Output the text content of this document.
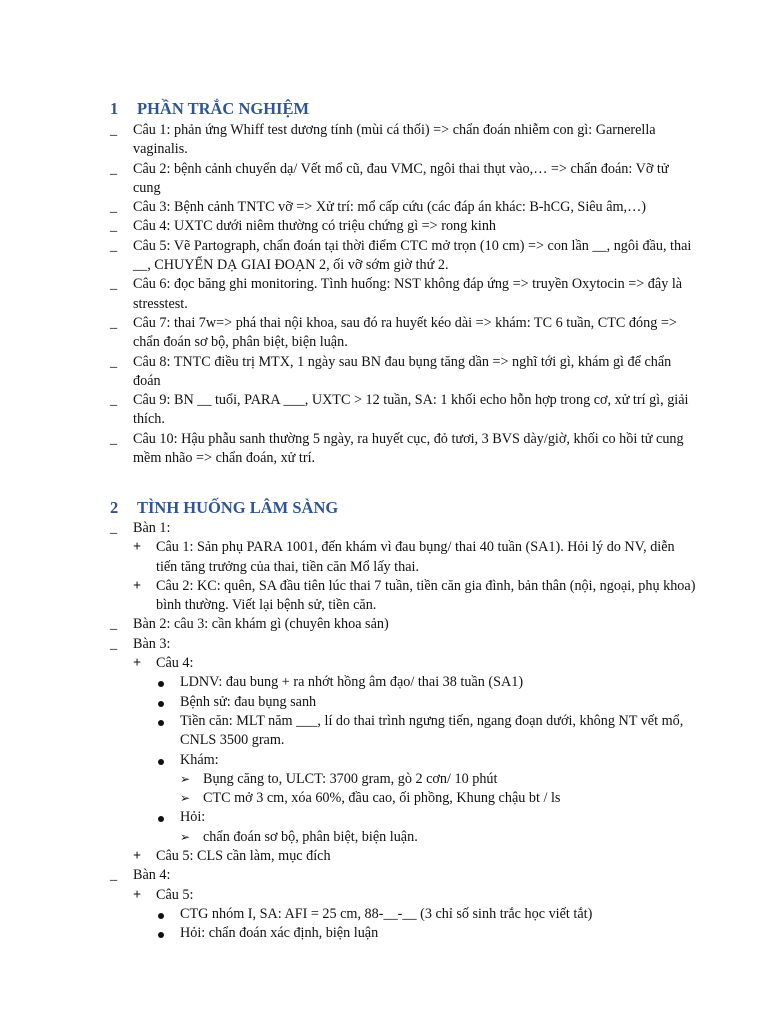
1 PHẦN TRẮC NGHIỆM
_ Câu 1: phản ứng Whiff test dương tính (mùi cá thối) => chẩn đoán nhiễm con gì: Garnerella vaginalis.
_ Câu 2: bệnh cảnh chuyển dạ/ Vết mổ cũ, đau VMC, ngôi thai thụt vào,… => chẩn đoán: Vỡ tử cung
_ Câu 3: Bệnh cảnh TNTC vỡ => Xử trí: mổ cấp cứu (các đáp án khác: B-hCG, Siêu âm,…)
_ Câu 4: UXTC dưới niêm thường có triệu chứng gì => rong kinh
_ Câu 5: Vẽ Partograph, chẩn đoán tại thời điểm CTC mở trọn (10 cm) => con lần __, ngôi đầu, thai __, CHUYỂN DẠ GIAI ĐOẠN 2, ối vỡ sớm giờ thứ 2.
_ Câu 6: đọc băng ghi monitoring. Tình huống: NST không đáp ứng => truyền Oxytocin => đây là stresstest.
_ Câu 7: thai 7w=> phá thai nội khoa, sau đó ra huyết kéo dài => khám: TC 6 tuần, CTC đóng => chẩn đoán sơ bộ, phân biệt, biện luận.
_ Câu 8: TNTC điều trị MTX, 1 ngày sau BN đau bụng tăng dần => nghĩ tới gì, khám gì để chẩn đoán
_ Câu 9: BN __ tuổi, PARA ___, UXTC > 12 tuần, SA: 1 khối echo hỗn hợp trong cơ, xử trí gì, giải thích.
_ Câu 10: Hậu phẫu sanh thường 5 ngày, ra huyết cục, đỏ tươi, 3 BVS dày/giờ, khối co hồi tử cung mềm nhão => chẩn đoán, xử trí.
2 TÌNH HUỐNG LÂM SÀNG
_ Bàn 1:
+ Câu 1: Sản phụ PARA 1001, đến khám vì đau bụng/ thai 40 tuần (SA1). Hỏi lý do NV, diễn tiến tăng trưởng của thai, tiền căn Mổ lấy thai.
+ Câu 2: KC: quên, SA đầu tiên lúc thai 7 tuần, tiền căn gia đình, bản thân (nội, ngoại, phụ khoa) bình thường. Viết lại bệnh sử, tiền căn.
_ Bàn 2: câu 3: cần khám gì (chuyên khoa sản)
_ Bàn 3:
+ Câu 4:
LDNV: đau bung + ra nhớt hồng âm đạo/ thai 38 tuần (SA1)
Bệnh sử: đau bụng sanh
Tiền căn: MLT năm ___, lí do thai trình ngưng tiến, ngang đoạn dưới, không NT vết mổ, CNLS 3500 gram.
Khám:
➢ Bụng căng to, ULCT: 3700 gram, gò 2 cơn/ 10 phút
➢ CTC mở 3 cm, xóa 60%, đầu cao, ối phồng, Khung chậu bt / ls
Hỏi:
➢ chẩn đoán sơ bộ, phân biệt, biện luận.
+ Câu 5: CLS cần làm, mục đích
_ Bàn 4:
+ Câu 5:
CTG nhóm I, SA: AFI = 25 cm, 88-__-__ (3 chỉ số sinh trắc học viết tắt)
Hỏi: chẩn đoán xác định, biện luận
